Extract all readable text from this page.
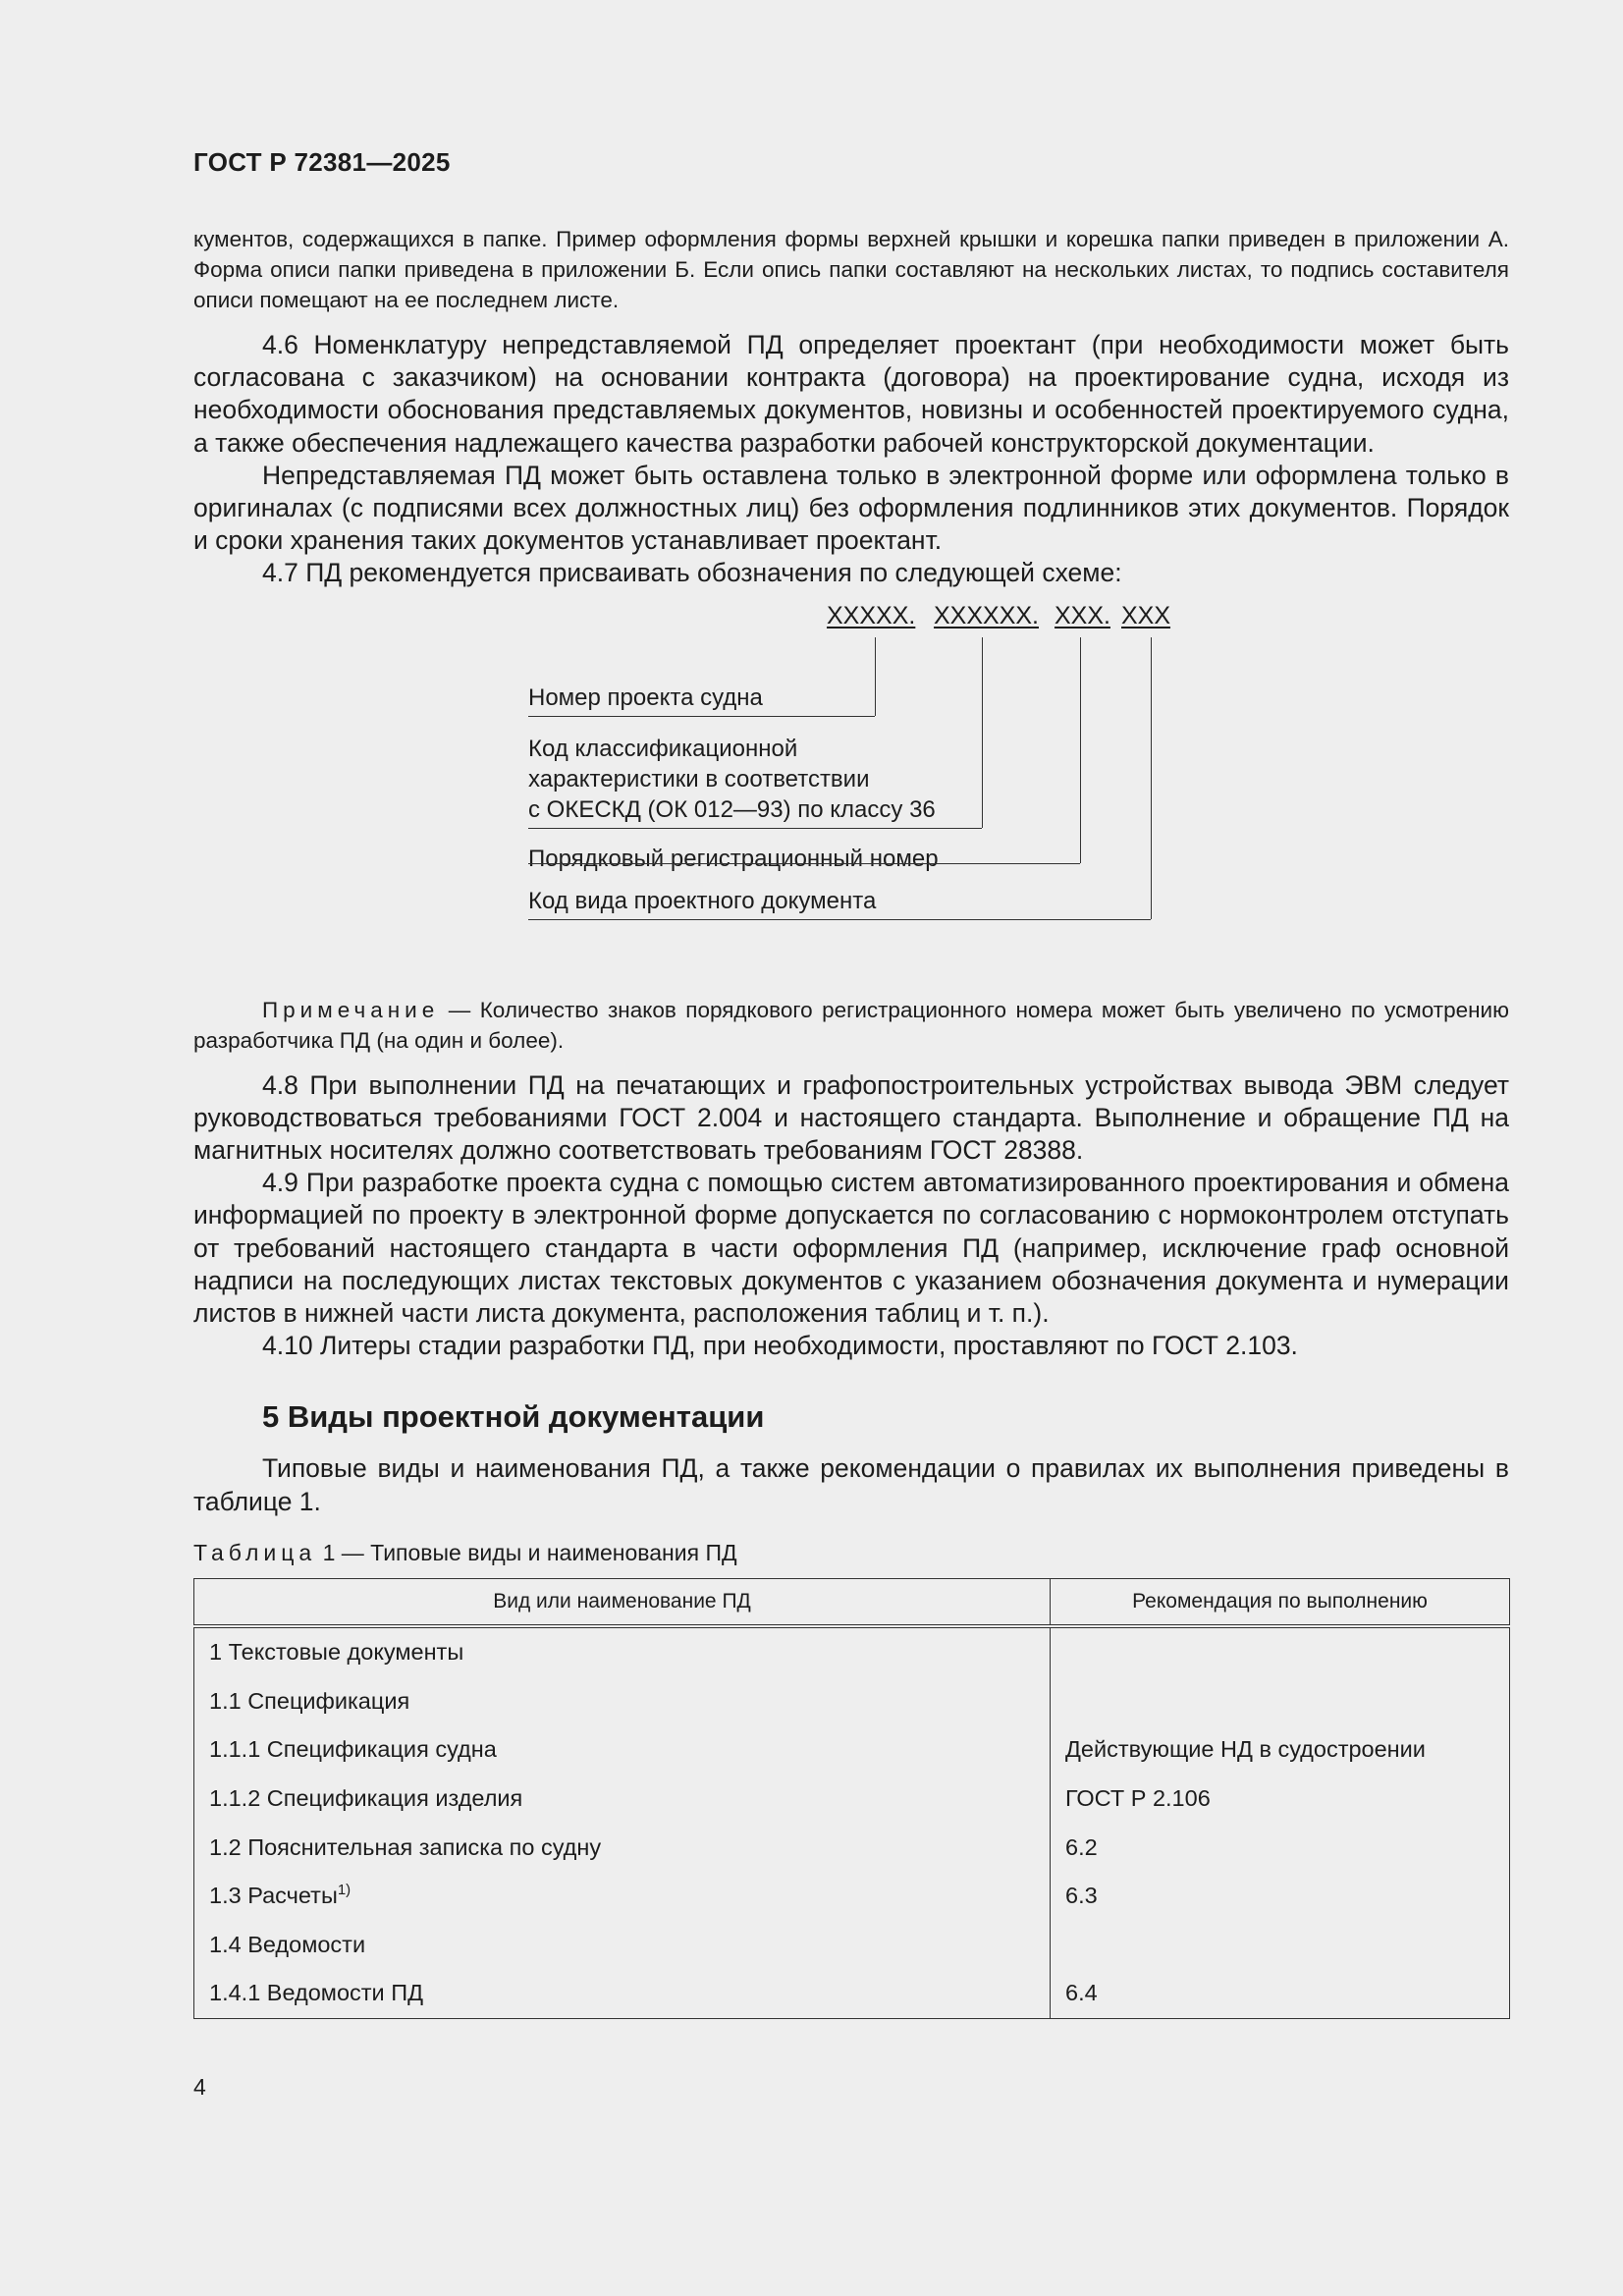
ГОСТ Р 72381—2025

кументов, содержащихся в папке. Пример оформления формы верхней крышки и корешка папки приведен в приложении А. Форма описи папки приведена в приложении Б. Если опись папки составляют на нескольких листах, то подпись составителя описи помещают на ее последнем листе.

4.6 Номенклатуру непредставляемой ПД определяет проектант (при необходимости может быть согласована с заказчиком) на основании контракта (договора) на проектирование судна, исходя из необходимости обоснования представляемых документов, новизны и особенностей проектируемого судна, а также обеспечения надлежащего качества разработки рабочей конструкторской документации.

Непредставляемая ПД может быть оставлена только в электронной форме или оформлена только в оригиналах (с подписями всех должностных лиц) без оформления подлинников этих документов. Порядок и сроки хранения таких документов устанавливает проектант.

4.7 ПД рекомендуется присваивать обозначения по следующей схеме:

XXXXX. XXXXXX. XXX. XXX
Номер проекта судна
Код классификационной
характеристики в соответствии
с ОКЕСКД (ОК 012—93) по классу 36
Порядковый регистрационный номер
Код вида проектного документа

Примечание — Количество знаков порядкового регистрационного номера может быть увеличено по усмотрению разработчика ПД (на один и более).

4.8 При выполнении ПД на печатающих и графопостроительных устройствах вывода ЭВМ следует руководствоваться требованиями ГОСТ 2.004 и настоящего стандарта. Выполнение и обращение ПД на магнитных носителях должно соответствовать требованиям ГОСТ 28388.

4.9 При разработке проекта судна с помощью систем автоматизированного проектирования и обмена информацией по проекту в электронной форме допускается по согласованию с нормоконтролем отступать от требований настоящего стандарта в части оформления ПД (например, исключение граф основной надписи на последующих листах текстовых документов с указанием обозначения документа и нумерации листов в нижней части листа документа, расположения таблиц и т. п.).

4.10 Литеры стадии разработки ПД, при необходимости, проставляют по ГОСТ 2.103.

5 Виды проектной документации

Типовые виды и наименования ПД, а также рекомендации о правилах их выполнения приведены в таблице 1.

Таблица 1 — Типовые виды и наименования ПД
Вид или наименование ПД	Рекомендация по выполнению
1 Текстовые документы	
1.1 Спецификация	
1.1.1 Спецификация судна	Действующие НД в судостроении
1.1.2 Спецификация изделия	ГОСТ Р 2.106
1.2 Пояснительная записка по судну	6.2
1.3 Расчеты$^{1)}$	6.3
1.4 Ведомости	
1.4.1 Ведомости ПД	6.4
4
